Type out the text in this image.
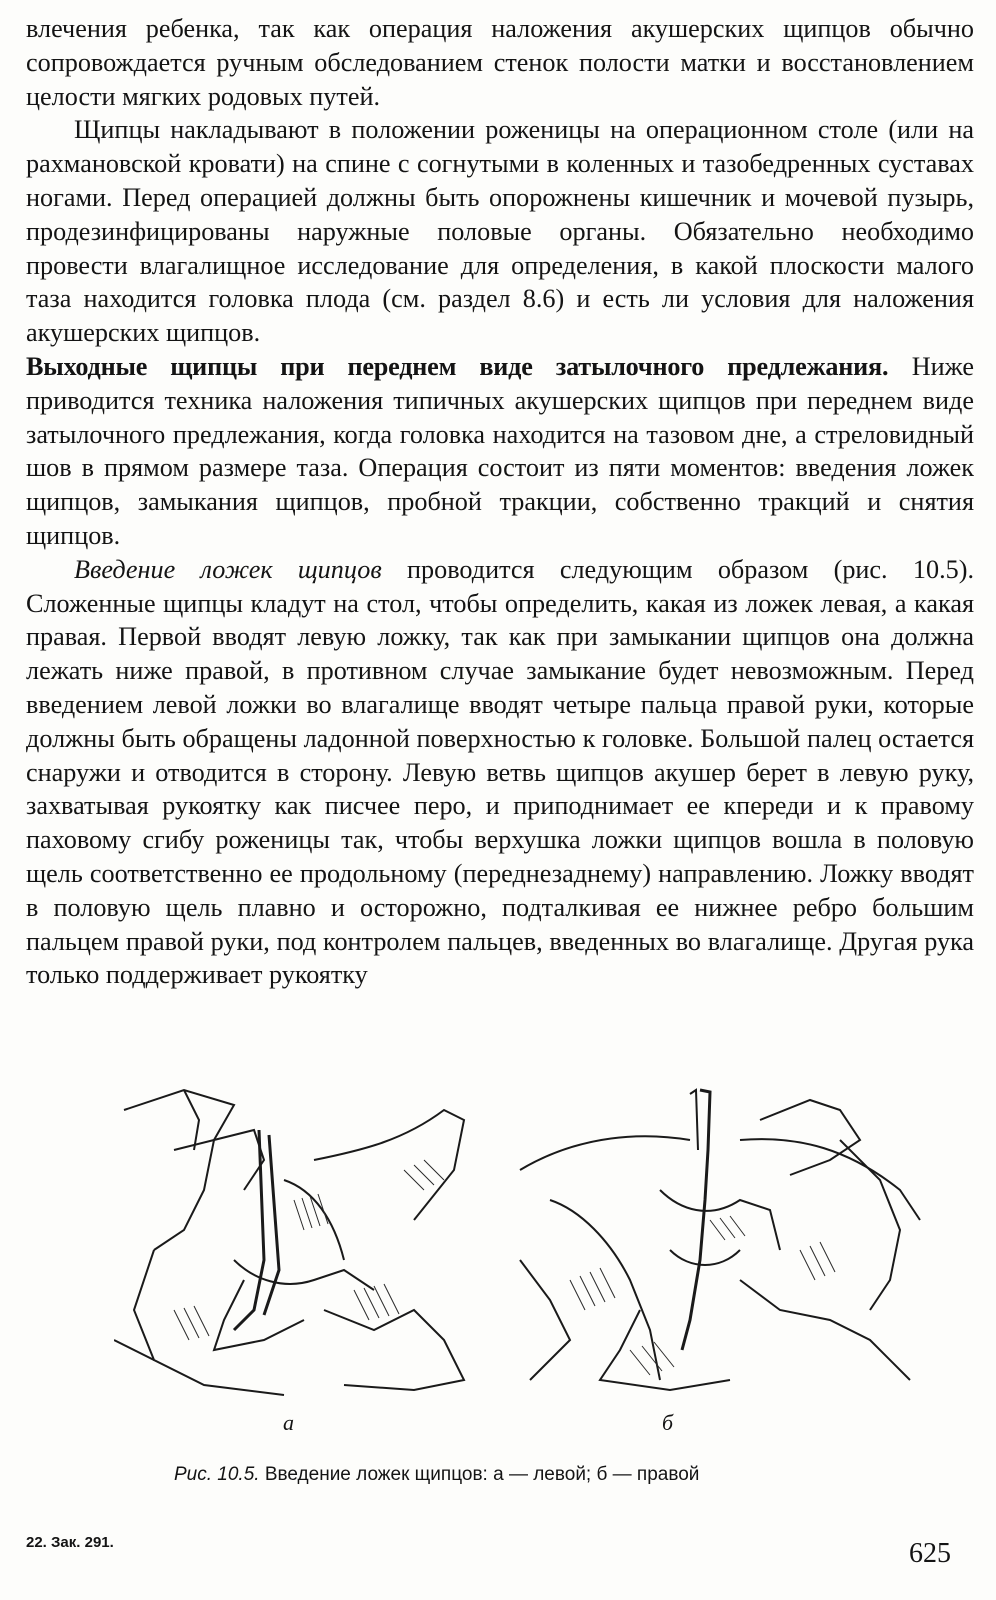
влечения ребенка, так как операция наложения акушерских щипцов обычно сопровождается ручным обследованием стенок полости матки и восстановлением целости мягких родовых путей.

Щипцы накладывают в положении роженицы на операционном столе (или на рахмановской кровати) на спине с согнутыми в коленных и тазобедренных суставах ногами. Перед операцией должны быть опорожнены кишечник и мочевой пузырь, продезинфицированы наружные половые органы. Обязательно необходимо провести влагалищное исследование для определения, в какой плоскости малого таза находится головка плода (см. раздел 8.6) и есть ли условия для наложения акушерских щипцов.

Выходные щипцы при переднем виде затылочного предлежания. Ниже приводится техника наложения типичных акушерских щипцов при переднем виде затылочного предлежания, когда головка находится на тазовом дне, а стреловидный шов в прямом размере таза. Операция состоит из пяти моментов: введения ложек щипцов, замыкания щипцов, пробной тракции, собственно тракций и снятия щипцов.

Введение ложек щипцов проводится следующим образом (рис. 10.5). Сложенные щипцы кладут на стол, чтобы определить, какая из ложек левая, а какая правая. Первой вводят левую ложку, так как при замыкании щипцов она должна лежать ниже правой, в противном случае замыкание будет невозможным. Перед введением левой ложки во влагалище вводят четыре пальца правой руки, которые должны быть обращены ладонной поверхностью к головке. Большой палец остается снаружи и отводится в сторону. Левую ветвь щипцов акушер берет в левую руку, захватывая рукоятку как писчее перо, и приподнимает ее кпереди и к правому паховому сгибу роженицы так, чтобы верхушка ложки щипцов вошла в половую щель соответственно ее продольному (переднезаднему) направлению. Ложку вводят в половую щель плавно и осторожно, подталкивая ее нижнее ребро большим пальцем правой руки, под контролем пальцев, введенных во влагалище. Другая рука только поддерживает рукоятку

а	б
Рис. 10.5. Введение ложек щипцов: а — левой; б — правой
22. Зак. 291.	625
